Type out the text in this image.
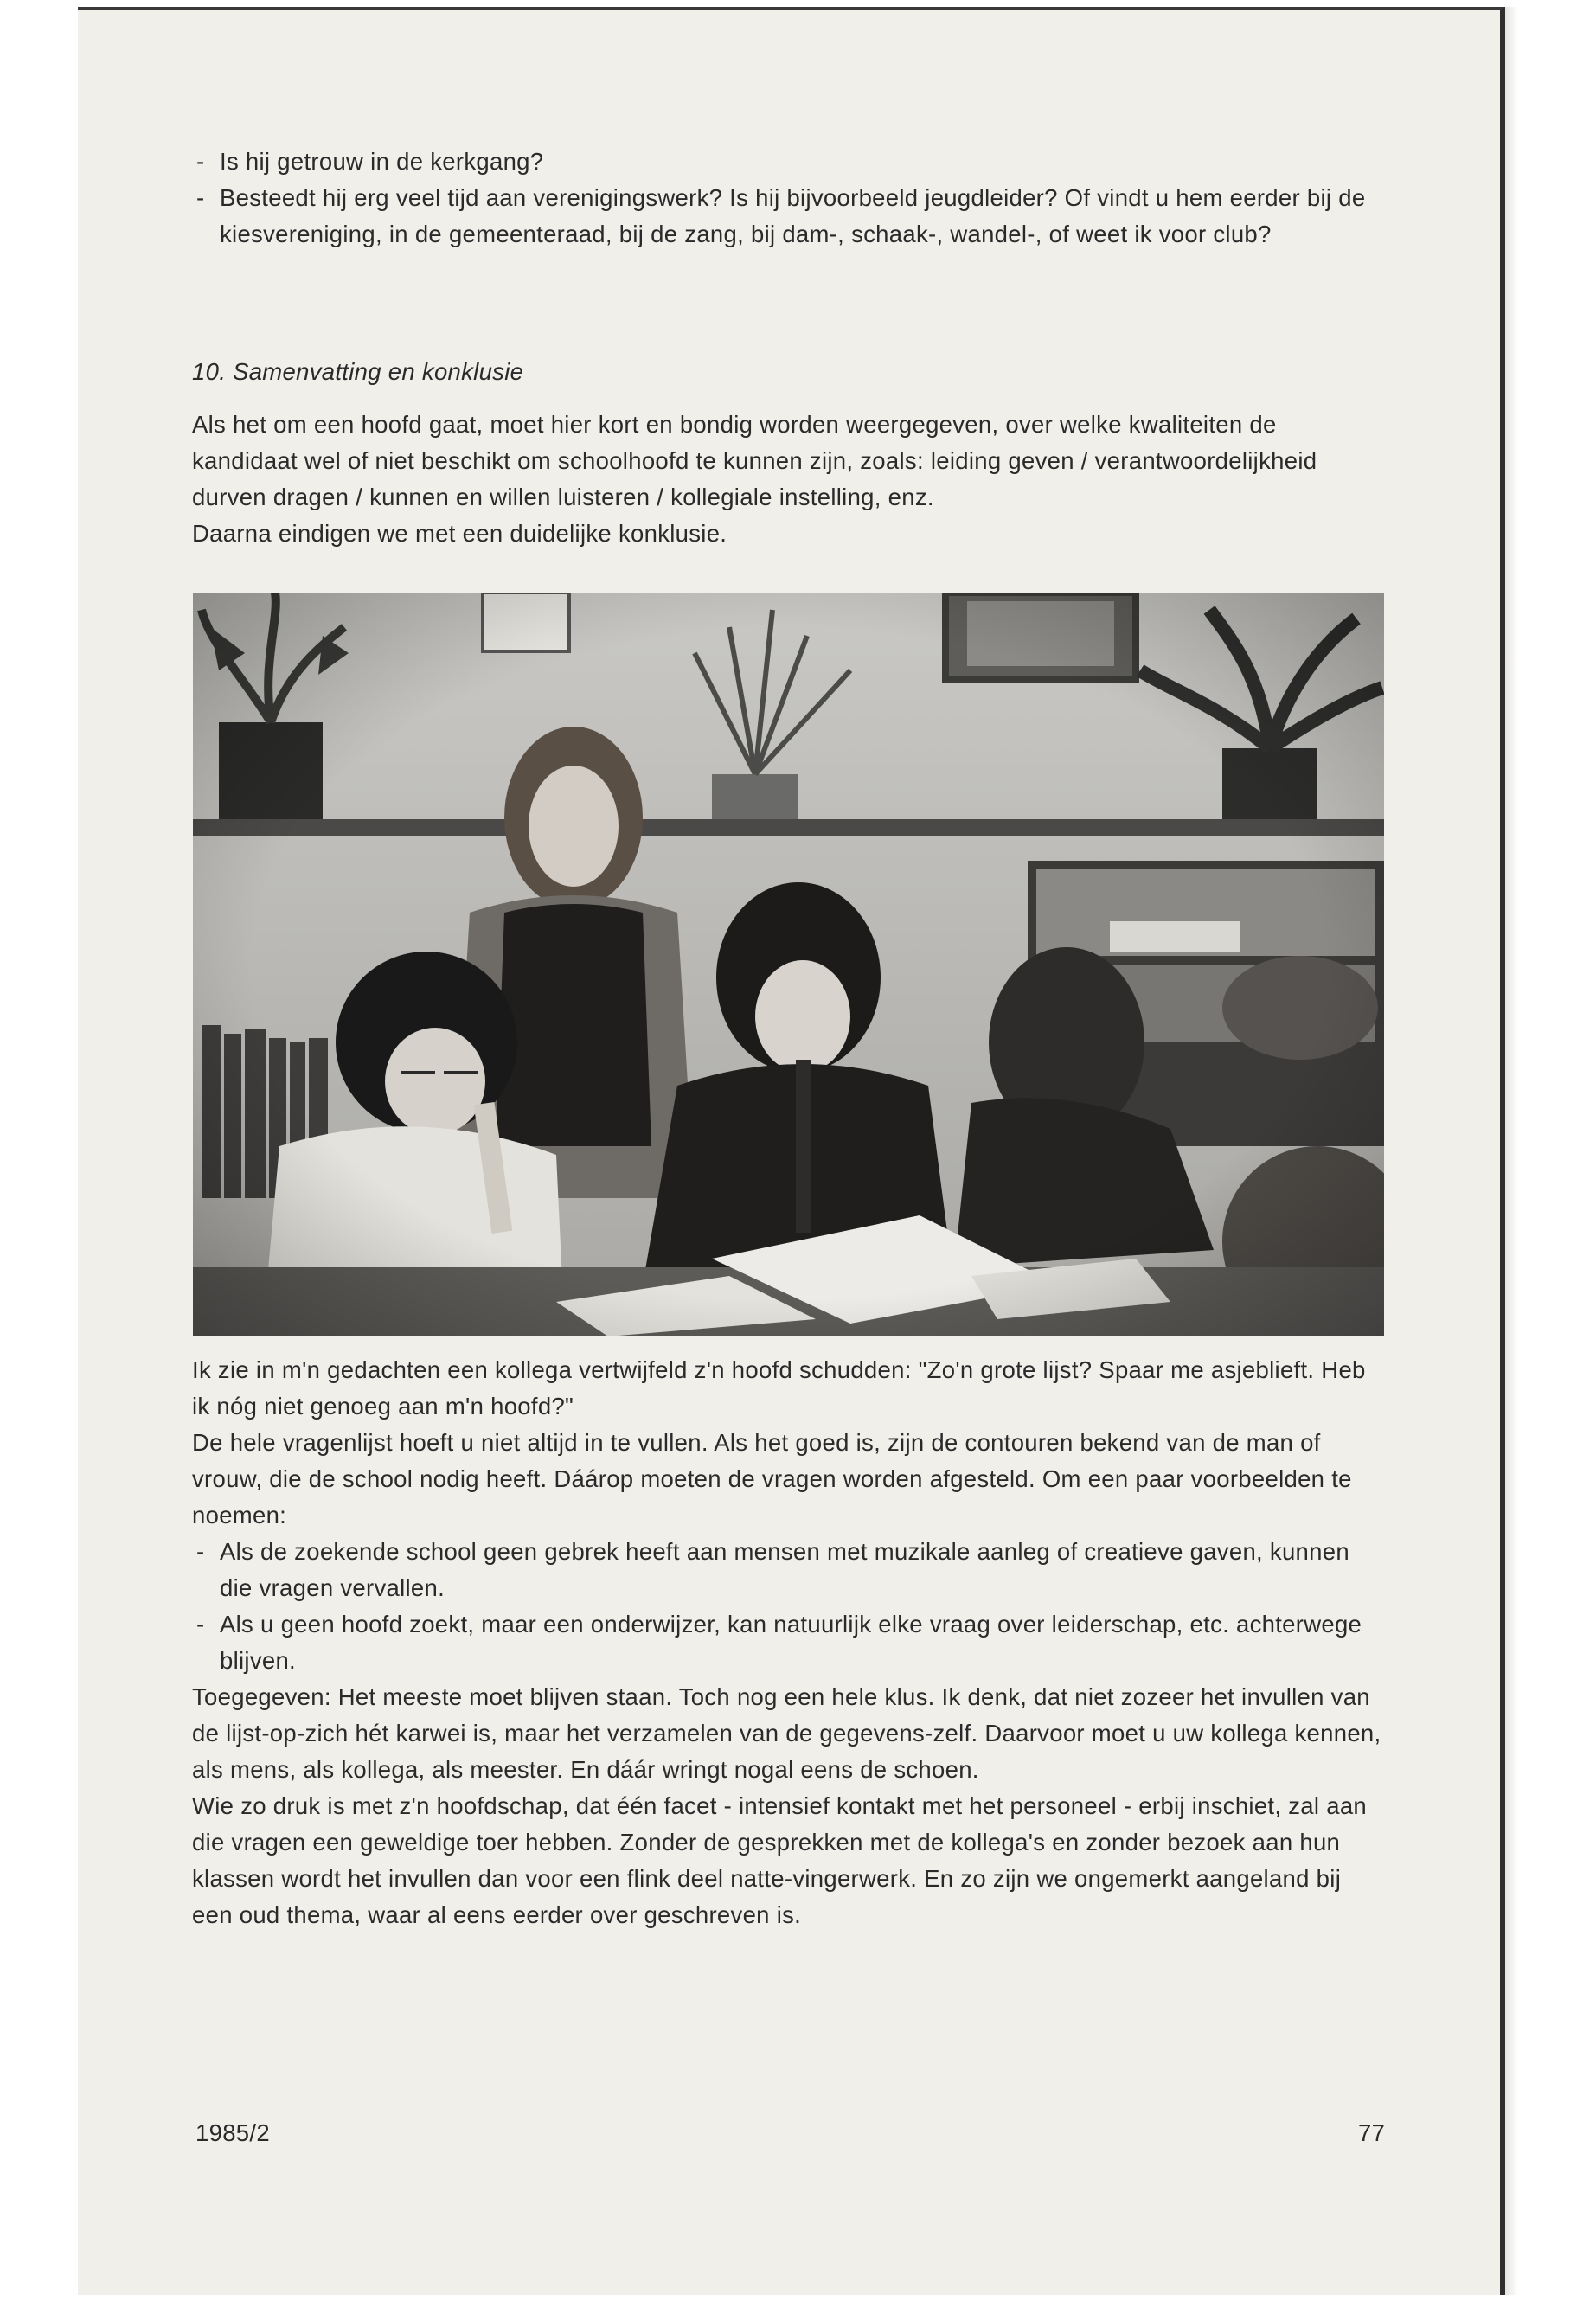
- Is hij getrouw in de kerkgang?

- Besteedt hij erg veel tijd aan verenigingswerk? Is hij bijvoorbeeld jeugdleider? Of vindt u hem eerder bij de kiesvereniging, in de gemeenteraad, bij de zang, bij dam-, schaak-, wandel-, of weet ik voor club?

10. Samenvatting en konklusie

Als het om een hoofd gaat, moet hier kort en bondig worden weergegeven, over welke kwaliteiten de kandidaat wel of niet beschikt om schoolhoofd te kunnen zijn, zoals: leiding geven / verantwoordelijkheid durven dragen / kunnen en willen luisteren / kollegiale instelling, enz.

Daarna eindigen we met een duidelijke konklusie.

Ik zie in m'n gedachten een kollega vertwijfeld z'n hoofd schudden: "Zo'n grote lijst? Spaar me asjeblieft. Heb ik nóg niet genoeg aan m'n hoofd?"

De hele vragenlijst hoeft u niet altijd in te vullen. Als het goed is, zijn de contouren bekend van de man of vrouw, die de school nodig heeft. Dáárop moeten de vragen worden afgesteld. Om een paar voorbeelden te noemen:

- Als de zoekende school geen gebrek heeft aan mensen met muzikale aanleg of creatieve gaven, kunnen die vragen vervallen.

- Als u geen hoofd zoekt, maar een onderwijzer, kan natuurlijk elke vraag over leiderschap, etc. achterwege blijven.

Toegegeven: Het meeste moet blijven staan. Toch nog een hele klus. Ik denk, dat niet zozeer het invullen van de lijst-op-zich hét karwei is, maar het verzamelen van de gegevens-zelf. Daarvoor moet u uw kollega kennen, als mens, als kollega, als meester. En dáár wringt nogal eens de schoen.

Wie zo druk is met z'n hoofdschap, dat één facet - intensief kontakt met het personeel - erbij inschiet, zal aan die vragen een geweldige toer hebben. Zonder de gesprekken met de kollega's en zonder bezoek aan hun klassen wordt het invullen dan voor een flink deel natte-vingerwerk. En zo zijn we ongemerkt aangeland bij een oud thema, waar al eens eerder over geschreven is.

1985/2	77
